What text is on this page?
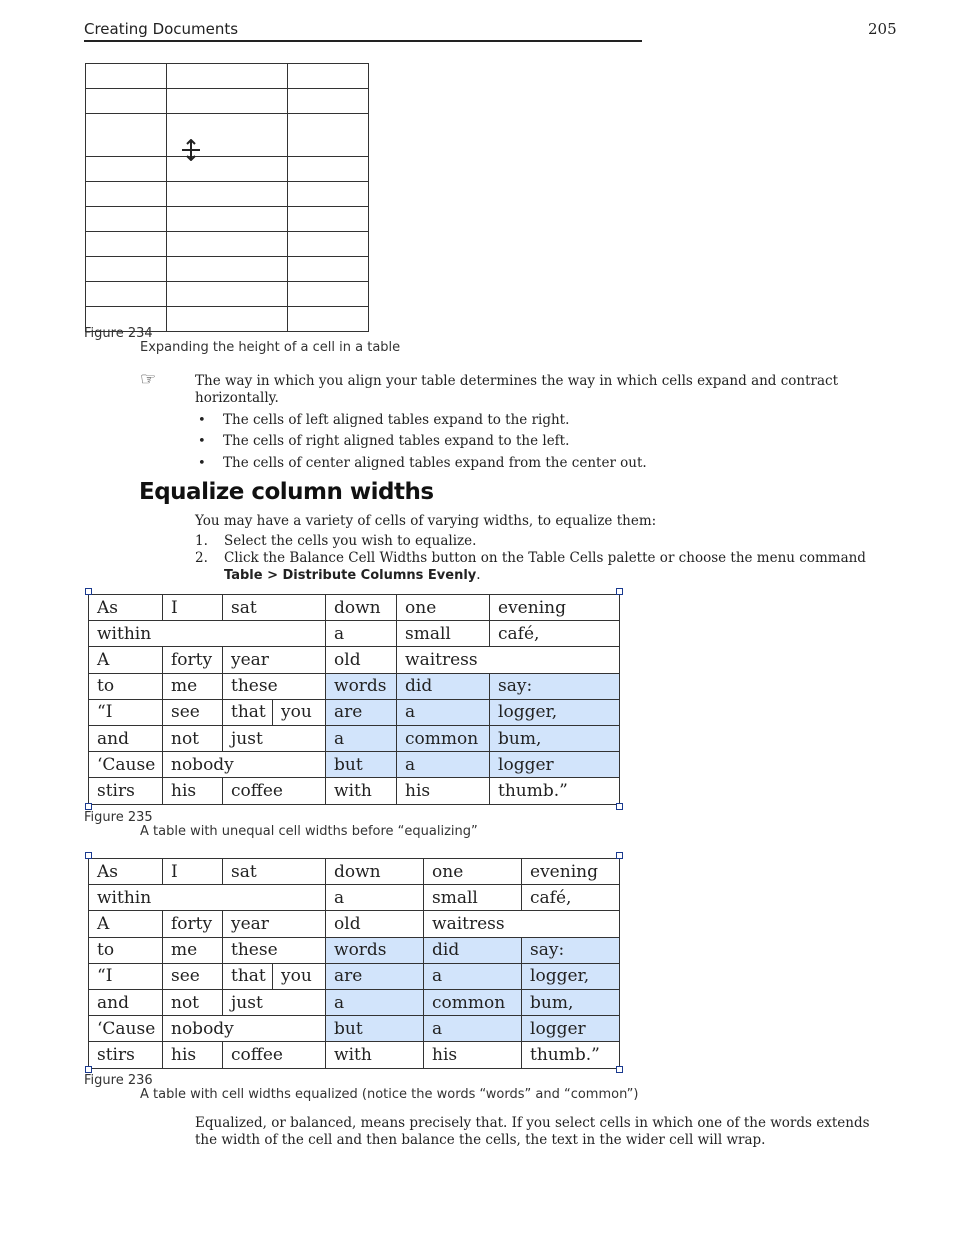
Creating Documents	205

Figure 234
Expanding the height of a cell in a table
☞	The way in which you align your table determines the way in which cells expand and contract horizontally.
• The cells of left aligned tables expand to the right.
• The cells of right aligned tables expand to the left.
• The cells of center aligned tables expand from the center out.
Equalize column widths
You may have a variety of cells of varying widths, to equalize them:
1. Select the cells you wish to equalize.
2. Click the Balance Cell Widths button on the Table Cells palette or choose the menu command
Table > Distribute Columns Evenly.
As	I	sat		down	one	evening
within				a	small	café,
A	forty	year		old	waitress	
to	me	these		words	did	say:
“I	see	that	you	are	a	logger,
and	not	just		a	common	bum,
‘Cause	nobody			but	a	logger
stirs	his	coffee		with	his	thumb.”
Figure 235
A table with unequal cell widths before “equalizing”
As	I	sat		down	one	evening
within				a	small	café,
A	forty	year		old	waitress	
to	me	these		words	did	say:
“I	see	that	you	are	a	logger,
and	not	just		a	common	bum,
‘Cause	nobody			but	a	logger
stirs	his	coffee		with	his	thumb.”
Figure 236
A table with cell widths equalized (notice the words “words” and “common”)
Equalized, or balanced, means precisely that. If you select cells in which one of the words extends the width of the cell and then balance the cells, the text in the wider cell will wrap.
